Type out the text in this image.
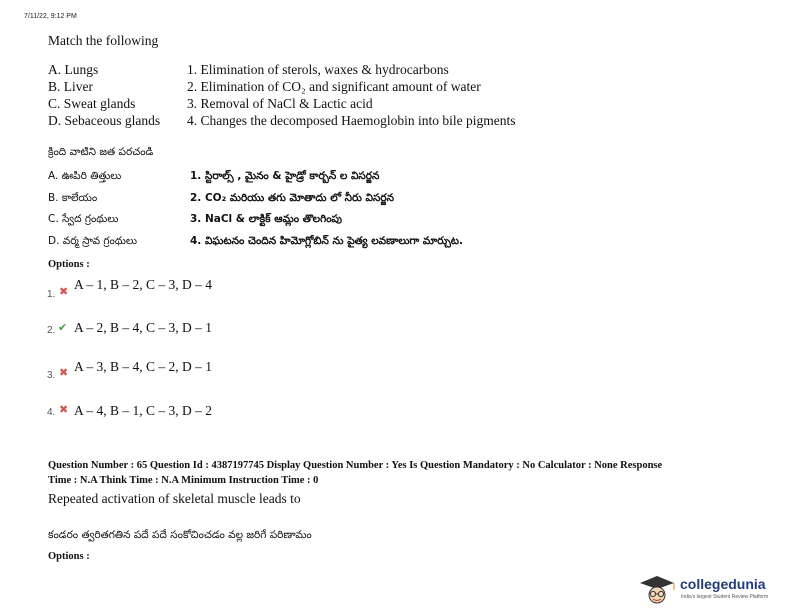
7/11/22, 9:12 PM
Match the following
A. Lungs
B. Liver
C. Sweat glands
D. Sebaceous glands
1. Elimination of sterols, waxes & hydrocarbons
2. Elimination of CO₂ and significant amount of water
3. Removal of NaCl & Lactic acid
4. Changes the decomposed Haemoglobin into bile pigments
క్రింది వాటిని జత పరచండి
A. ఊపిరి తిత్తులు
B. కాలేయం
C. స్వేద గ్రంథులు
D. వర్మ స్రావ గ్రంథులు
1. స్టిరాల్స్ , మైనం & హైడ్రో కార్బన్ ల విసర్జన
2. CO₂ మరియు తగు మోతాదు లో నీరు విసర్జన
3. NaCl & లాక్టిక్ ఆమ్లం తొలగింపు
4. విఘటనం చెందిన హిమోగ్లోబిన్ ను పైత్య లవణాలుగా మార్చుట.
Options :
1. ✖ A – 1, B – 2, C – 3, D – 4
2. ✔ A – 2, B – 4, C – 3, D – 1
3. ✖ A – 3, B – 4, C – 2, D – 1
4. ✖ A – 4, B – 1, C – 3, D – 2
Question Number : 65 Question Id : 4387197745 Display Question Number : Yes Is Question Mandatory : No Calculator : None Response
Time : N.A Think Time : N.A Minimum Instruction Time : 0
Repeated activation of skeletal muscle leads to
కండరం త్వరితగతిన పదే పదే సంకోచించడం వల్ల జరిగే పరిణామం
Options :
collegedunia
India's largest Student Review Platform
